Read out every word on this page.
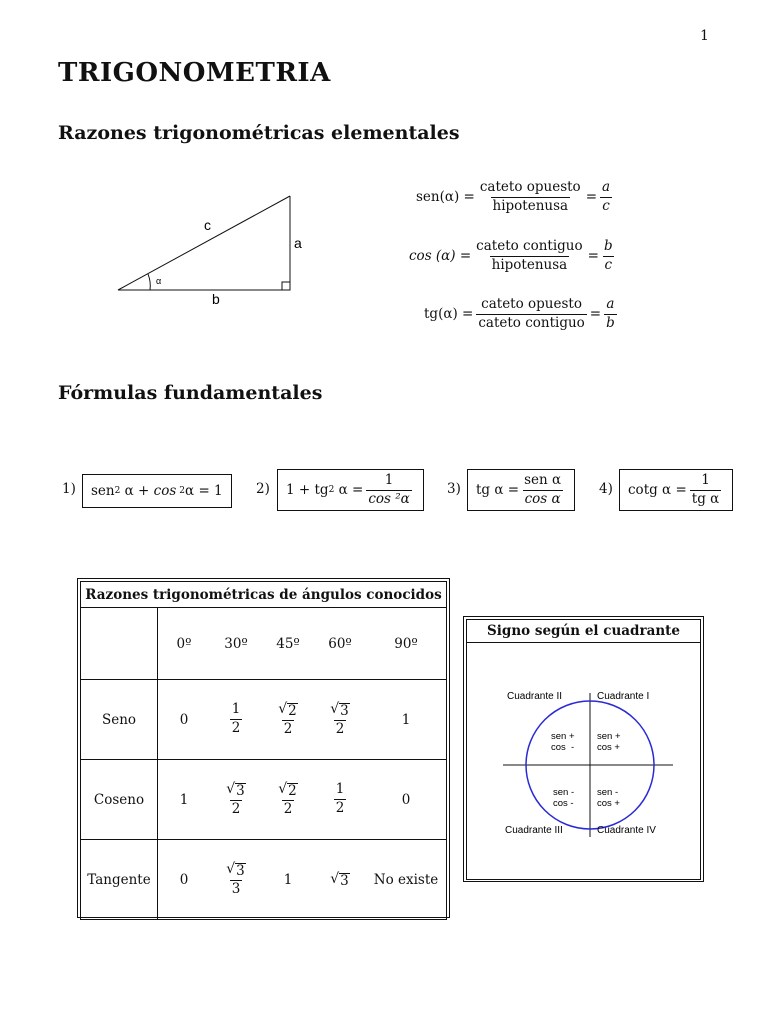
1
TRIGONOMETRIA
Razones trigonométricas elementales
c
a
b
α
$sen(\alpha) = \frac{\text{cateto opuesto}}{\text{hipotenusa}} = \frac{a}{c}$
$\cos (\alpha) = \frac{\text{cateto contiguo}}{\text{hipotenusa}} = \frac{b}{c}$
$tg(\alpha) = \frac{\text{cateto opuesto}}{\text{cateto contiguo}} = \frac{a}{b}$
Fórmulas fundamentales
1) sen 2 α + cos 2 α = 1 2) 1 + tg 2 $\alpha = \frac{1}{\text{cos ²α}}$	3) tg $\alpha = \frac{\text{sen α}}{\text{cos α}}$	4) cotg $\alpha = \frac{1}{\text{tg α}}$
Razones trigonométricas de ángulos conocidos					
	0º	30º	45º	60º	90º
Seno	0	$\frac{1}{2}$	$\frac{√ 2}{2}$	$\frac{√ 3}{2}$	1
Coseno	1	$\frac{√ 3}{2}$	$\frac{√ 2}{2}$	$\frac{1}{2}$	0
Tangente	0	$\frac{√ 3}{3}$	1	√ 3	No existe
Signo según el cuadrante
Cuadrante II	Cuadrante I
Cuadrante III	Cuadrante IV
sen +
cos  -
sen +
cos +
sen -
cos -
sen -
cos +
